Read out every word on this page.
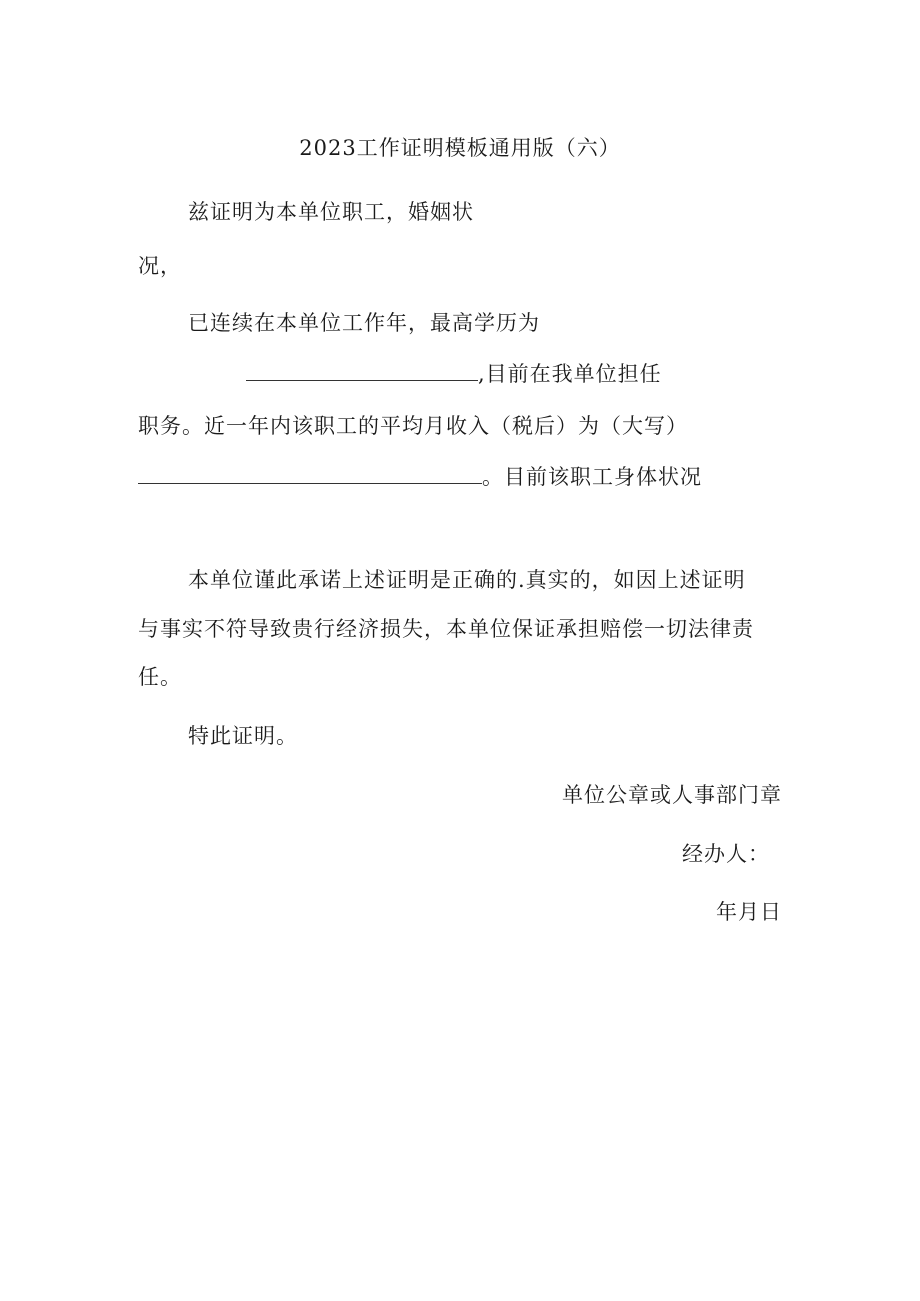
2023工作证明模板通用版（六）
兹证明为本单位职工，婚姻状
况，
已连续在本单位工作年，最高学历为
,目前在我单位担任
职务。近一年内该职工的平均月收入（税后）为（大写）
。目前该职工身体状况
本单位谨此承诺上述证明是正确的.真实的，如因上述证明
与事实不符导致贵行经济损失，本单位保证承担赔偿一切法律责
任。
特此证明。
单位公章或人事部门章
经办人：
年月日
